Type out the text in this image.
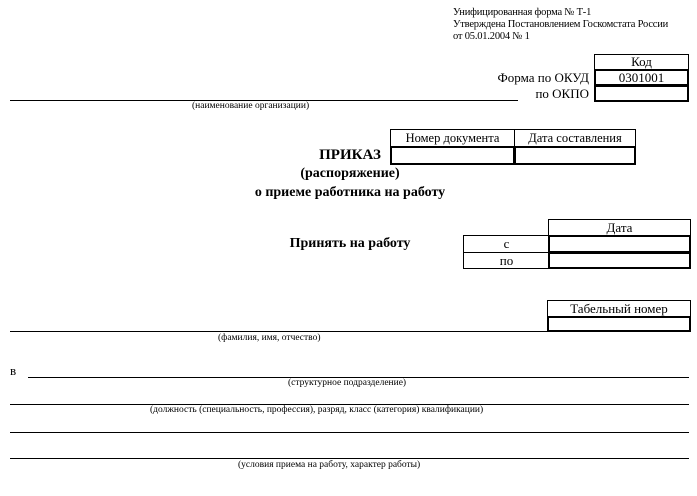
Унифицированная форма № Т-1
Утверждена Постановлением Госкомстата России
от 05.01.2004 № 1
Код
0301001
Форма по ОКУД
по ОКПО
(наименование организации)
Номер документа	Дата составления
ПРИКАЗ
(распоряжение)
о приеме работника на работу
Принять на работу
Дата
с
по
Табельный номер
(фамилия, имя, отчество)
в
(структурное подразделение)
(должность (специальность, профессия), разряд, класс (категория) квалификации)
(условия приема на работу, характер работы)
